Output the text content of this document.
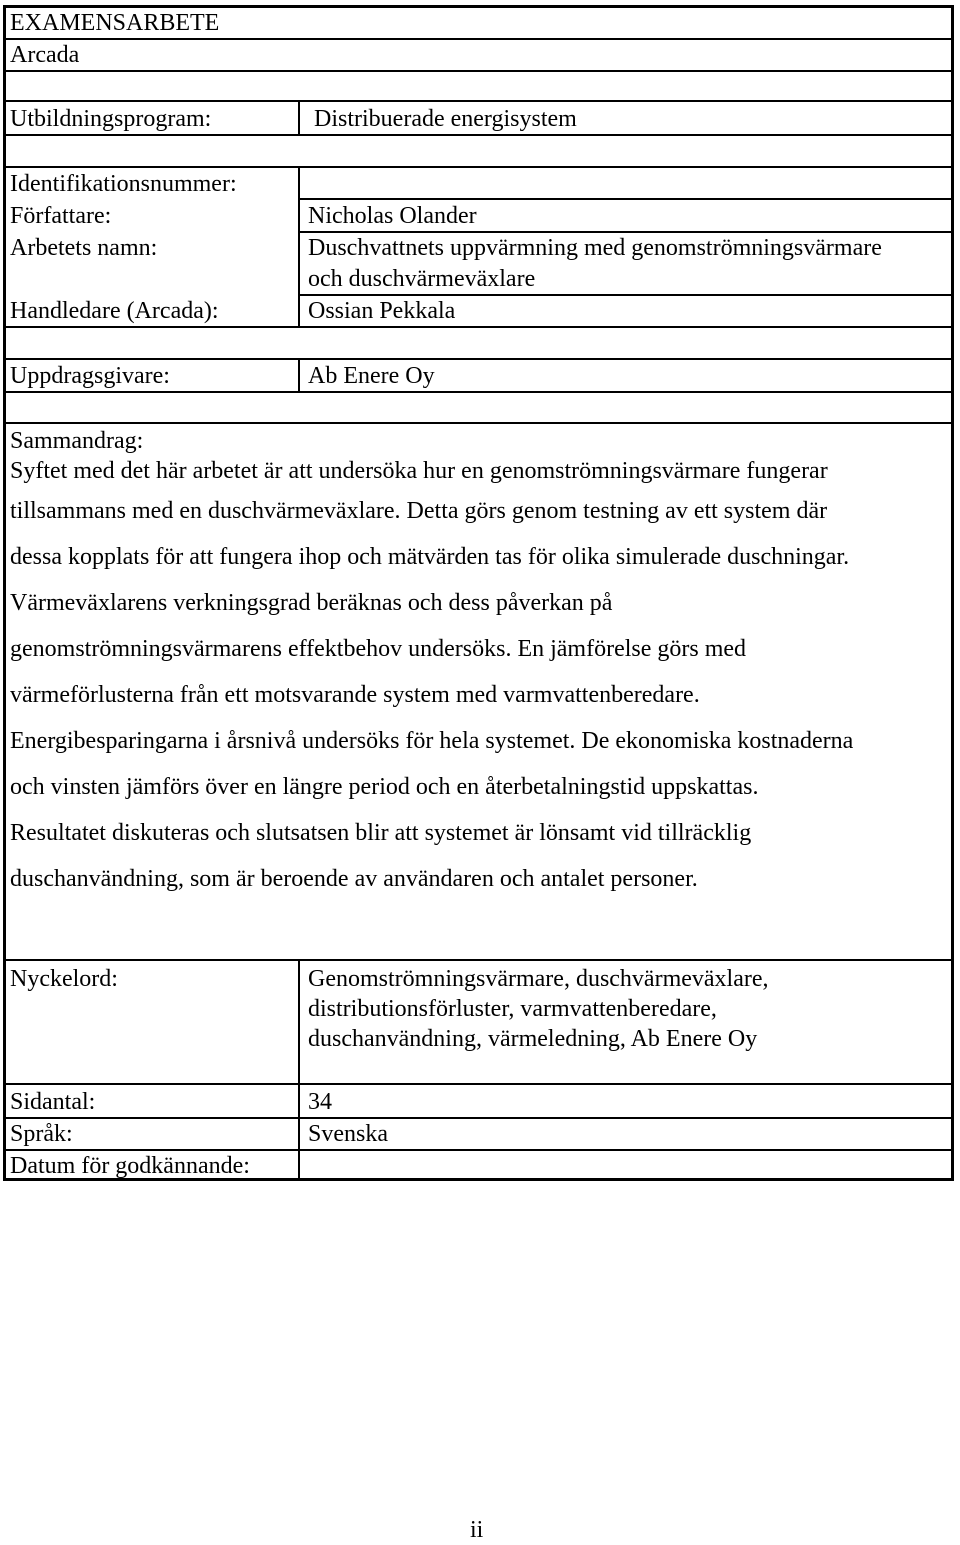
EXAMENSARBETE
Arcada
Utbildningsprogram:	Distribuerade energisystem
Identifikationsnummer:
Författare:	Nicholas Olander
Arbetets namn:	Duschvattnets uppvärmning med genomströmningsvärmare
och duschvärmeväxlare
Handledare (Arcada):	Ossian Pekkala
Uppdragsgivare:	Ab Enere Oy
Sammandrag:
Syftet med det här arbetet är att undersöka hur en genomströmningsvärmare fungerar
tillsammans med en duschvärmeväxlare. Detta görs genom testning av ett system där
dessa kopplats för att fungera ihop och mätvärden tas för olika simulerade duschningar.
Värmeväxlarens verkningsgrad beräknas och dess påverkan på
genomströmningsvärmarens effektbehov undersöks. En jämförelse görs med
värmeförlusterna från ett motsvarande system med varmvattenberedare.
Energibesparingarna i årsnivå undersöks för hela systemet. De ekonomiska kostnaderna
och vinsten jämförs över en längre period och en återbetalningstid uppskattas.
Resultatet diskuteras och slutsatsen blir att systemet är lönsamt vid tillräcklig
duschanvändning, som är beroende av användaren och antalet personer.
Nyckelord:	Genomströmningsvärmare, duschvärmeväxlare,
distributionsförluster, varmvattenberedare,
duschanvändning, värmeledning, Ab Enere Oy
Sidantal:	34
Språk:	Svenska
Datum för godkännande:
ii
